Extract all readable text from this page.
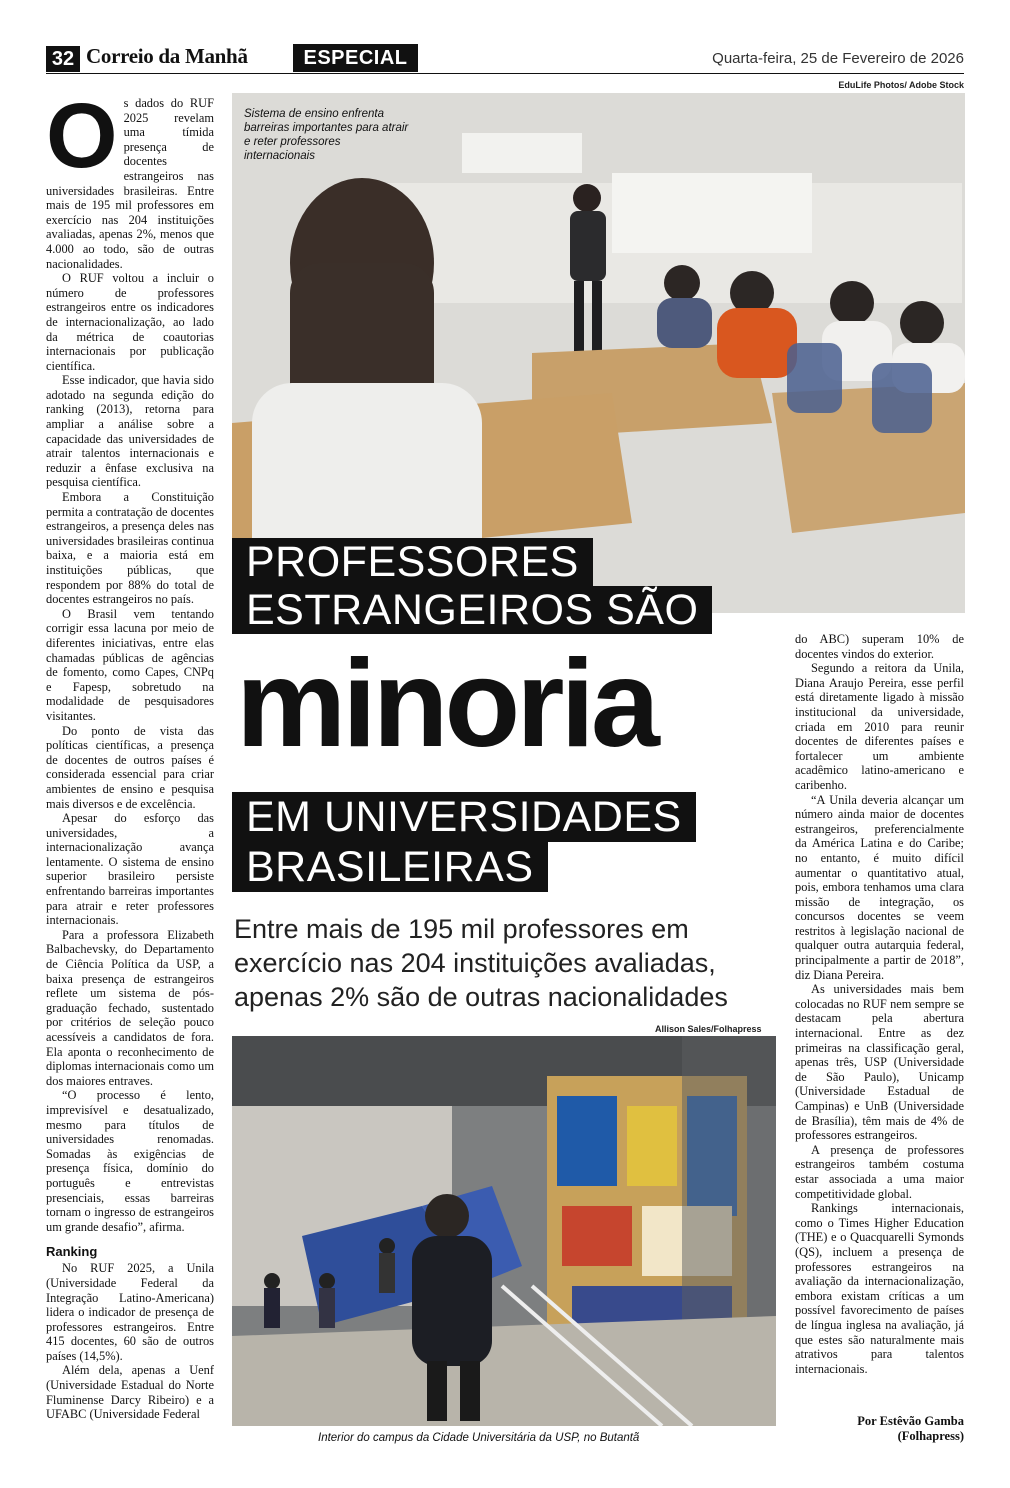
32 Correio da Manhã	ESPECIAL	Quarta-feira, 25 de Fevereiro de 2026
O s dados do RUF 2025 revelam uma tímida presença de docentes estrangeiros nas universidades brasileiras. Entre mais de 195 mil professores em exercício nas 204 instituições avaliadas, apenas 2%, menos que 4.000 ao todo, são de outras nacionalidades.

O RUF voltou a incluir o número de professores estrangeiros entre os indicadores de internacionalização, ao lado da métrica de coautorias internacionais por publicação científica.

Esse indicador, que havia sido adotado na segunda edição do ranking (2013), retorna para ampliar a análise sobre a capacidade das universidades de atrair talentos internacionais e reduzir a ênfase exclusiva na pesquisa científica.

Embora a Constituição permita a contratação de docentes estrangeiros, a presença deles nas universidades brasileiras continua baixa, e a maioria está em instituições públicas, que respondem por 88% do total de docentes estrangeiros no país.

O Brasil vem tentando corrigir essa lacuna por meio de diferentes iniciativas, entre elas chamadas públicas de agências de fomento, como Capes, CNPq e Fapesp, sobretudo na modalidade de pesquisadores visitantes.

Do ponto de vista das políticas científicas, a presença de docentes de outros países é considerada essencial para criar ambientes de ensino e pesquisa mais diversos e de excelência.

Apesar do esforço das universidades, a internacionalização avança lentamente. O sistema de ensino superior brasileiro persiste enfrentando barreiras importantes para atrair e reter professores internacionais.

Para a professora Elizabeth Balbachevsky, do Departamento de Ciência Política da USP, a baixa presença de estrangeiros reflete um sistema de pós-graduação fechado, sustentado por critérios de seleção pouco acessíveis a candidatos de fora. Ela aponta o reconhecimento de diplomas internacionais como um dos maiores entraves.

“O processo é lento, imprevisível e desatualizado, mesmo para títulos de universidades renomadas. Somadas às exigências de presença física, domínio do português e entrevistas presenciais, essas barreiras tornam o ingresso de estrangeiros um grande desafio”, afirma.

Ranking

No RUF 2025, a Unila (Universidade Federal da Integração Latino-Americana) lidera o indicador de presença de professores estrangeiros. Entre 415 docentes, 60 são de outros países (14,5%).

Além dela, apenas a Uenf (Universidade Estadual do Norte Fluminense Darcy Ribeiro) e a UFABC (Universidade Federal

EduLife Photos/ Adobe Stock
Sistema de ensino enfrenta barreiras importantes para atrair e reter professores internacionais
PROFESSORES
ESTRANGEIROS SÃO
minoria
EM UNIVERSIDADES
BRASILEIRAS
Entre mais de 195 mil professores em exercício nas 204 instituições avaliadas, apenas 2% são de outras nacionalidades
Allison Sales/Folhapress
Interior do campus da Cidade Universitária da USP, no Butantã

do ABC) superam 10% de docentes vindos do exterior.

Segundo a reitora da Unila, Diana Araujo Pereira, esse perfil está diretamente ligado à missão institucional da universidade, criada em 2010 para reunir docentes de diferentes países e fortalecer um ambiente acadêmico latino-americano e caribenho.

“A Unila deveria alcançar um número ainda maior de docentes estrangeiros, preferencialmente da América Latina e do Caribe; no entanto, é muito difícil aumentar o quantitativo atual, pois, embora tenhamos uma clara missão de integração, os concursos docentes se veem restritos à legislação nacional de qualquer outra autarquia federal, principalmente a partir de 2018”, diz Diana Pereira.

As universidades mais bem colocadas no RUF nem sempre se destacam pela abertura internacional. Entre as dez primeiras na classificação geral, apenas três, USP (Universidade de São Paulo), Unicamp (Universidade Estadual de Campinas) e UnB (Universidade de Brasília), têm mais de 4% de professores estrangeiros.

A presença de professores estrangeiros também costuma estar associada a uma maior competitividade global.

Rankings internacionais, como o Times Higher Education (THE) e o Quacquarelli Symonds (QS), incluem a presença de professores estrangeiros na avaliação da internacionalização, embora existam críticas a um possível favorecimento de países de língua inglesa na avaliação, já que estes são naturalmente mais atrativos para talentos internacionais.

Por Estêvão Gamba
(Folhapress)
